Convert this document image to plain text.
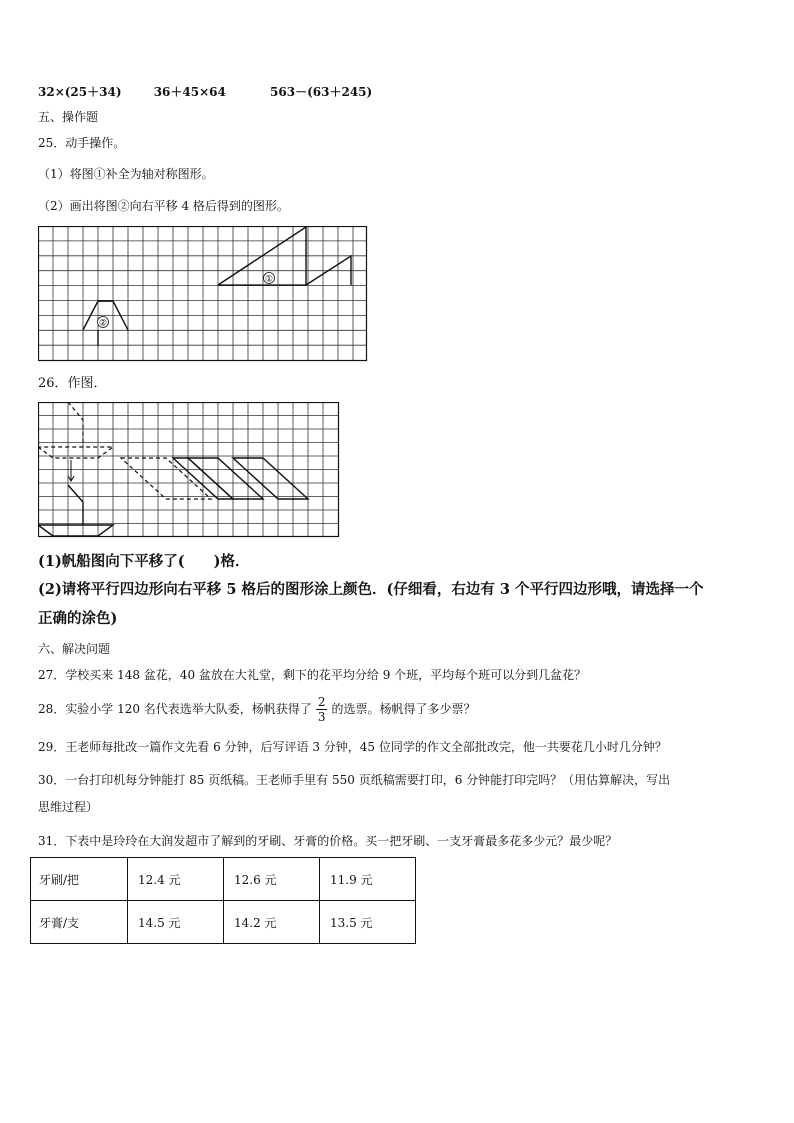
32×(25＋34)	36＋45×64	563－(63＋245)
五、操作题
25．动手操作。
（1）将图①补全为轴对称图形。
（2）画出将图②向右平移 4 格后得到的图形。
①
②
26．作图．
(1)帆船图向下平移了(　　)格．
(2)请将平行四边形向右平移 5 格后的图形涂上颜色．(仔细看，右边有 3 个平行四边形哦，请选择一个
正确的涂色)
六、解决问题
27．学校买来 148 盆花，40 盆放在大礼堂，剩下的花平均分给 9 个班，平均每个班可以分到几盆花？
28．实验小学 120 名代表选举大队委，杨帆获得了 $\frac{2}{3}$ 的选票。杨帆得了多少票？
29．王老师每批改一篇作文先看 6 分钟，后写评语 3 分钟，45 位同学的作文全部批改完，他一共要花几小时几分钟？
30．一台打印机每分钟能打 85 页纸稿。王老师手里有 550 页纸稿需要打印，6 分钟能打印完吗？（用估算解决，写出
思维过程）
31．下表中是玲玲在大润发超市了解到的牙刷、牙膏的价格。买一把牙刷、一支牙膏最多花多少元？最少呢？
牙刷/把	12.4 元	12.6 元	11.9 元
牙膏/支	14.5 元	14.2 元	13.5 元
